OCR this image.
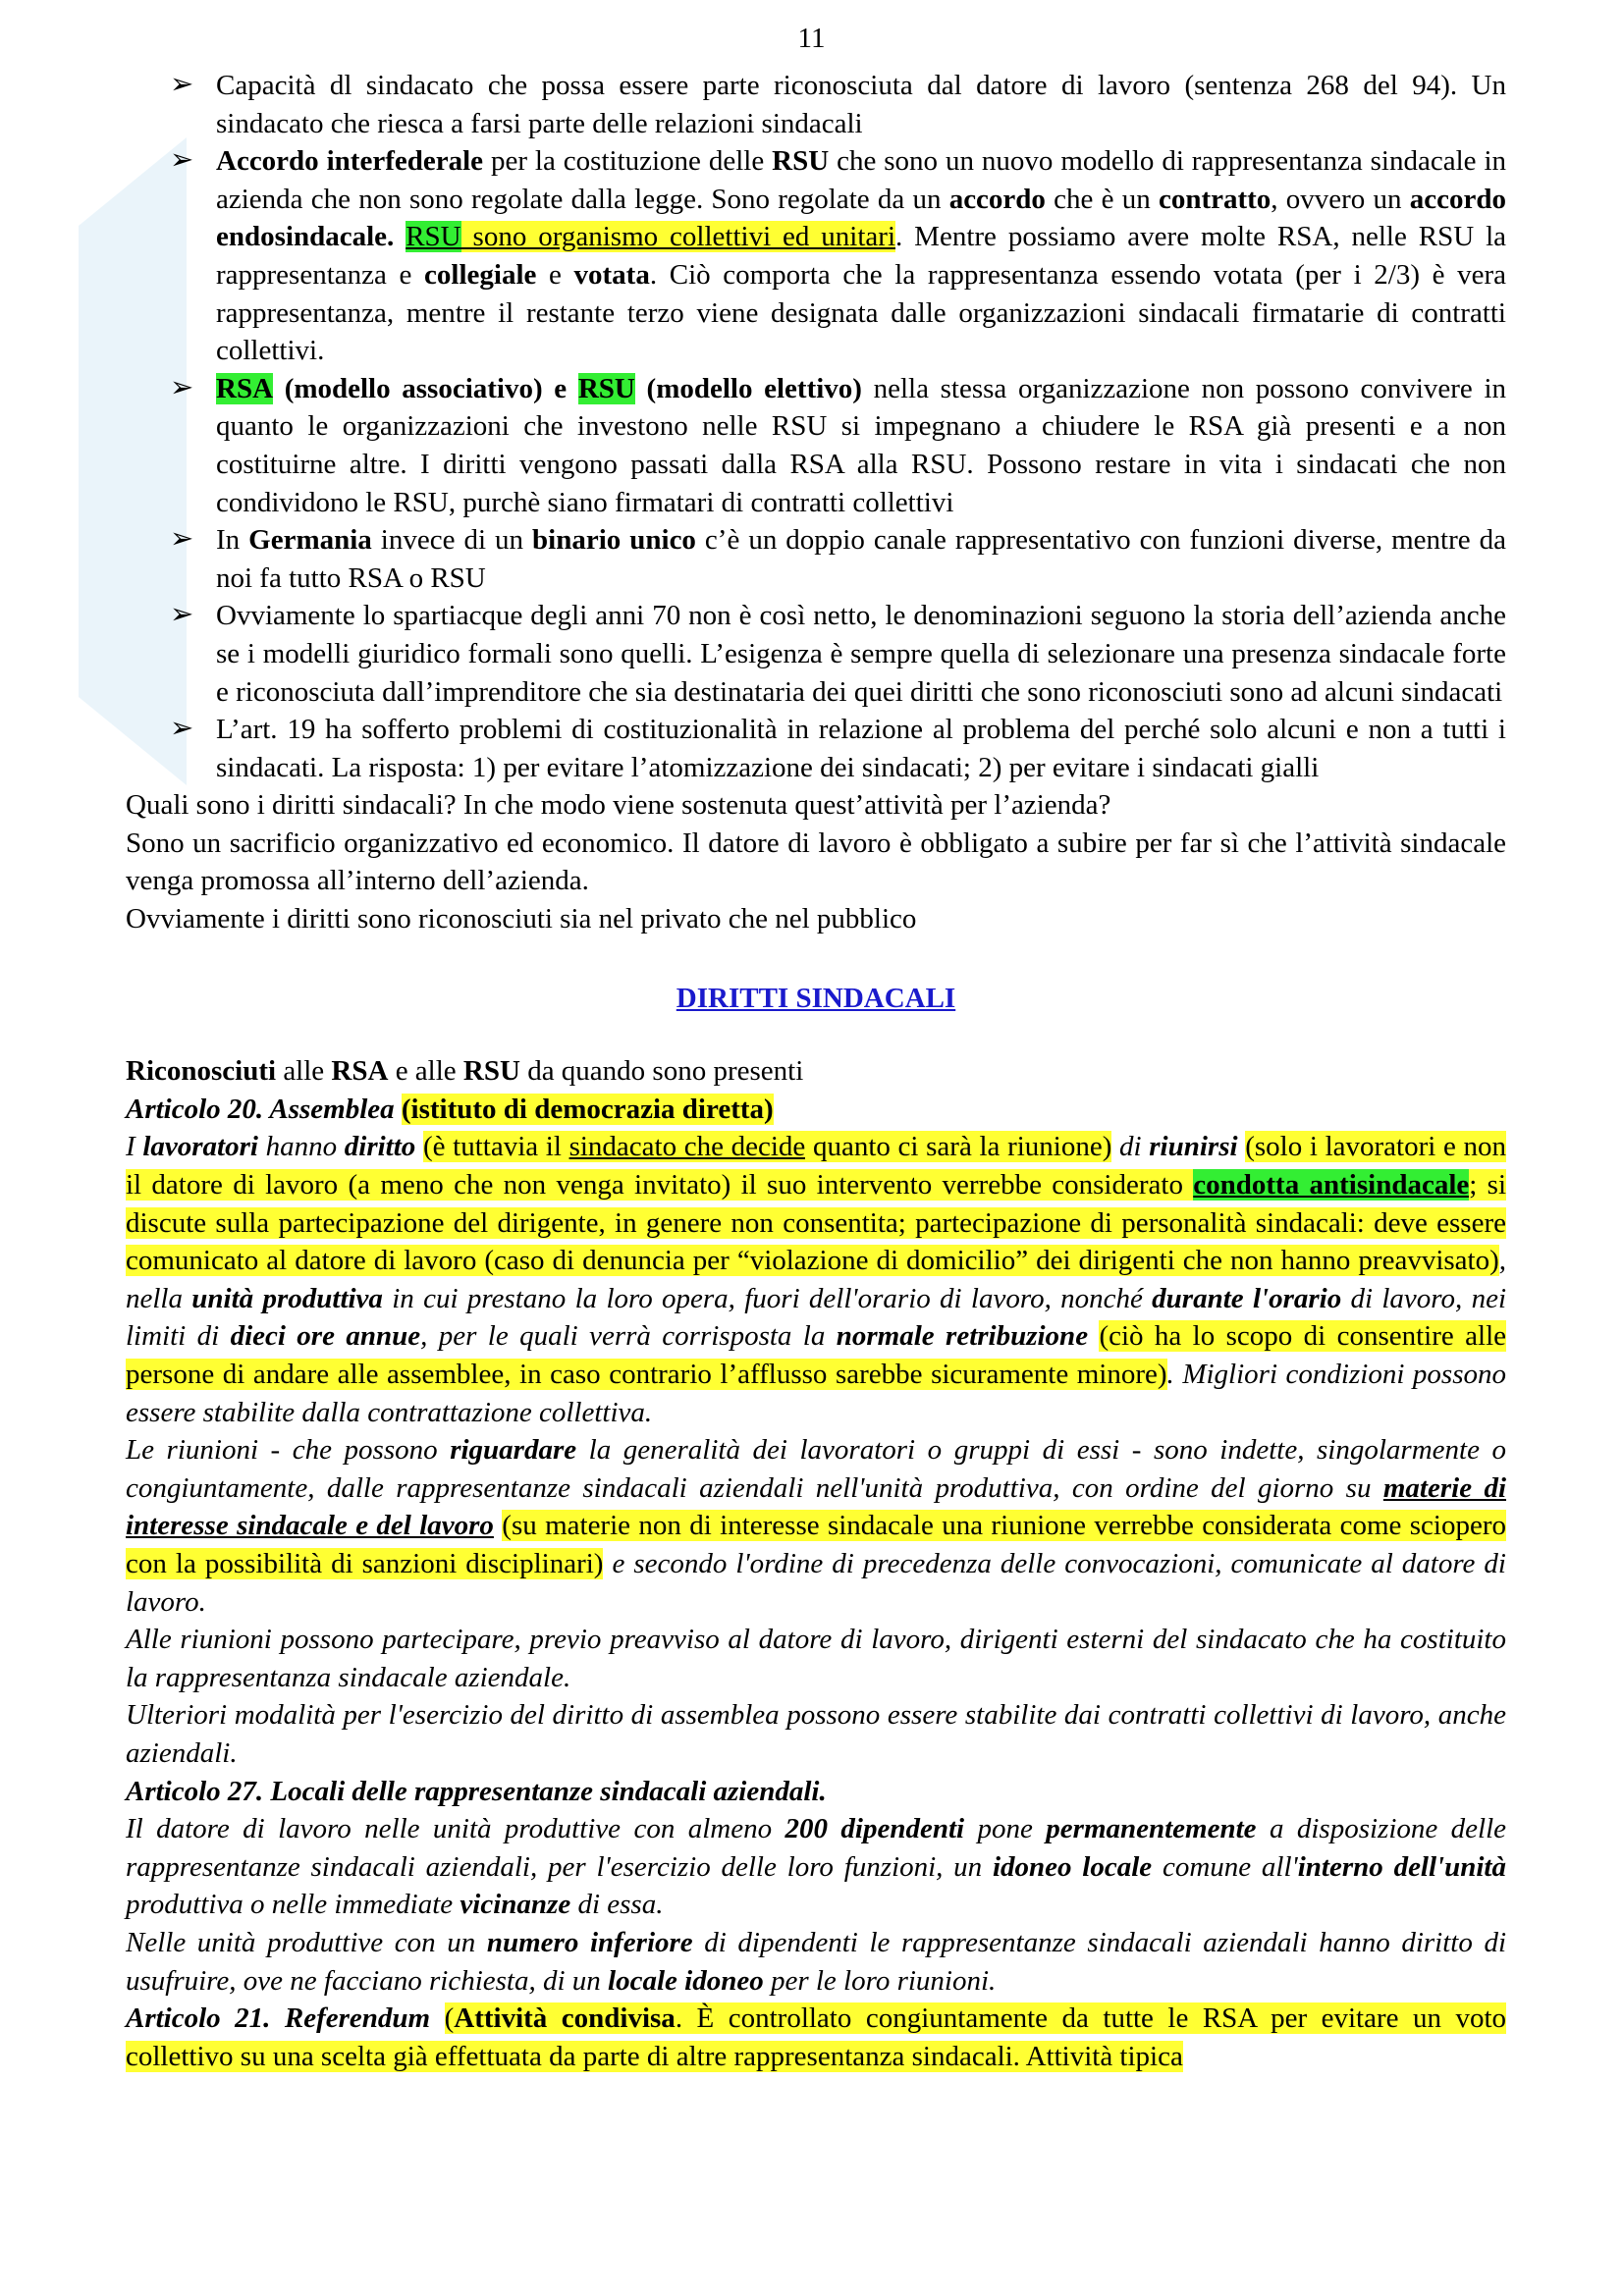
11
➢ Capacità dl sindacato che possa essere parte riconosciuta dal datore di lavoro (sentenza 268 del 94). Un sindacato che riesca a farsi parte delle relazioni sindacali
➢ Accordo interfederale per la costituzione delle RSU che sono un nuovo modello di rappresentanza sindacale in azienda che non sono regolate dalla legge. Sono regolate da un accordo che è un contratto, ovvero un accordo endosindacale. RSU sono organismo collettivi ed unitari. Mentre possiamo avere molte RSA, nelle RSU la rappresentanza e collegiale e votata. Ciò comporta che la rappresentanza essendo votata (per i 2/3) è vera rappresentanza, mentre il restante terzo viene designata dalle organizzazioni sindacali firmatarie di contratti collettivi.
➢ RSA (modello associativo) e RSU (modello elettivo) nella stessa organizzazione non possono convivere in quanto le organizzazioni che investono nelle RSU si impegnano a chiudere le RSA già presenti e a non costituirne altre. I diritti vengono passati dalla RSA alla RSU. Possono restare in vita i sindacati che non condividono le RSU, purchè siano firmatari di contratti collettivi
➢ In Germania invece di un binario unico c’è un doppio canale rappresentativo con funzioni diverse, mentre da noi fa tutto RSA o RSU
➢ Ovviamente lo spartiacque degli anni 70 non è così netto, le denominazioni seguono la storia dell’azienda anche se i modelli giuridico formali sono quelli. L’esigenza è sempre quella di selezionare una presenza sindacale forte e riconosciuta dall’imprenditore che sia destinataria dei quei diritti che sono riconosciuti sono ad alcuni sindacati
➢ L’art. 19 ha sofferto problemi di costituzionalità in relazione al problema del perché solo alcuni e non a tutti i sindacati. La risposta: 1) per evitare l’atomizzazione dei sindacati; 2) per evitare i sindacati gialli

Quali sono i diritti sindacali? In che modo viene sostenuta quest’attività per l’azienda?

Sono un sacrificio organizzativo ed economico. Il datore di lavoro è obbligato a subire per far sì che l’attività sindacale venga promossa all’interno dell’azienda.

Ovviamente i diritti sono riconosciuti sia nel privato che nel pubblico

DIRITTI SINDACALI

Riconosciuti alle RSA e alle RSU da quando sono presenti

Articolo 20. Assemblea (istituto di democrazia diretta)

I lavoratori hanno diritto (è tuttavia il sindacato che decide quanto ci sarà la riunione) di riunirsi (solo i lavoratori e non il datore di lavoro (a meno che non venga invitato) il suo intervento verrebbe considerato condotta antisindacale; si discute sulla partecipazione del dirigente, in genere non consentita; partecipazione di personalità sindacali: deve essere comunicato al datore di lavoro (caso di denuncia per “violazione di domicilio” dei dirigenti che non hanno preavvisato), nella unità produttiva in cui prestano la loro opera, fuori dell'orario di lavoro, nonché durante l'orario di lavoro, nei limiti di dieci ore annue, per le quali verrà corrisposta la normale retribuzione (ciò ha lo scopo di consentire alle persone di andare alle assemblee, in caso contrario l’afflusso sarebbe sicuramente minore). Migliori condizioni possono essere stabilite dalla contrattazione collettiva.

Le riunioni - che possono riguardare la generalità dei lavoratori o gruppi di essi - sono indette, singolarmente o congiuntamente, dalle rappresentanze sindacali aziendali nell'unità produttiva, con ordine del giorno su materie di interesse sindacale e del lavoro (su materie non di interesse sindacale una riunione verrebbe considerata come sciopero con la possibilità di sanzioni disciplinari) e secondo l'ordine di precedenza delle convocazioni, comunicate al datore di lavoro.

Alle riunioni possono partecipare, previo preavviso al datore di lavoro, dirigenti esterni del sindacato che ha costituito la rappresentanza sindacale aziendale.

Ulteriori modalità per l'esercizio del diritto di assemblea possono essere stabilite dai contratti collettivi di lavoro, anche aziendali.

Articolo 27. Locali delle rappresentanze sindacali aziendali.

Il datore di lavoro nelle unità produttive con almeno 200 dipendenti pone permanentemente a disposizione delle rappresentanze sindacali aziendali, per l'esercizio delle loro funzioni, un idoneo locale comune all'interno dell'unità produttiva o nelle immediate vicinanze di essa.

Nelle unità produttive con un numero inferiore di dipendenti le rappresentanze sindacali aziendali hanno diritto di usufruire, ove ne facciano richiesta, di un locale idoneo per le loro riunioni.

Articolo 21. Referendum (Attività condivisa. È controllato congiuntamente da tutte le RSA per evitare un voto collettivo su una scelta già effettuata da parte di altre rappresentanza sindacali. Attività tipica
